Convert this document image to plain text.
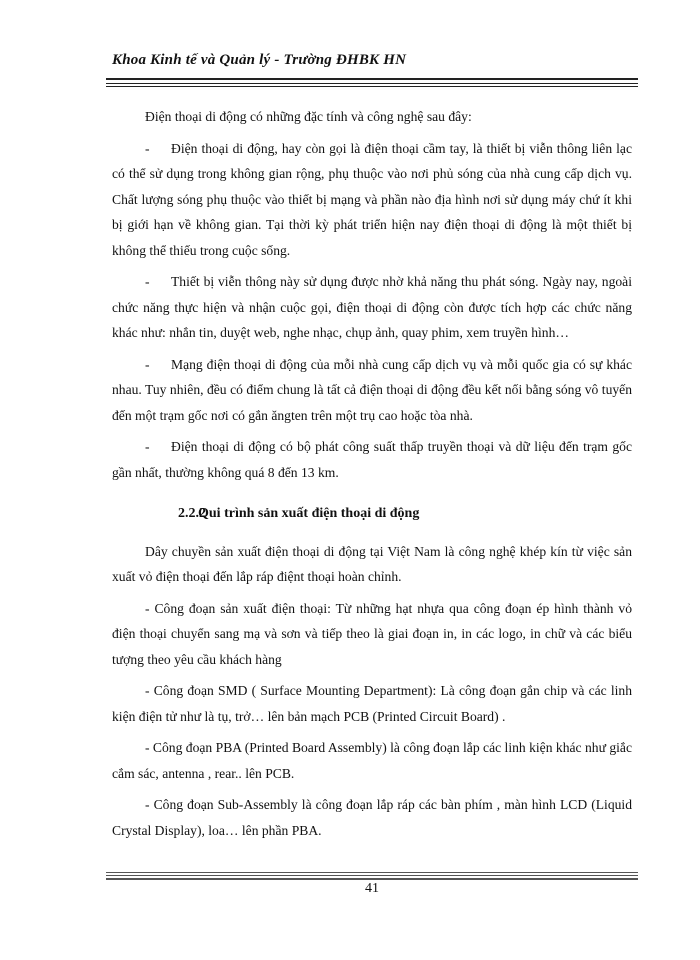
Khoa Kinh tế và Quản lý - Trường ĐHBK HN

Điện thoại di động có những đặc tính và công nghệ sau đây:

- Điện thoại di động, hay còn gọi là điện thoại cầm tay, là thiết bị viễn thông liên lạc có thể sử dụng trong không gian rộng, phụ thuộc vào nơi phủ sóng của nhà cung cấp dịch vụ. Chất lượng sóng phụ thuộc vào thiết bị mạng và phần nào địa hình nơi sử dụng máy chứ ít khi bị giới hạn về không gian. Tại thời kỳ phát triển hiện nay điện thoại di động là một thiết bị không thể thiếu trong cuộc sống.

- Thiết bị viễn thông này sử dụng được nhờ khả năng thu phát sóng. Ngày nay, ngoài chức năng thực hiện và nhận cuộc gọi, điện thoại di động còn được tích hợp các chức năng khác như: nhắn tin, duyệt web, nghe nhạc, chụp ảnh, quay phim, xem truyền hình…

- Mạng điện thoại di động của mỗi nhà cung cấp dịch vụ và mỗi quốc gia có sự khác nhau. Tuy nhiên, đều có điểm chung là tất cả điện thoại di động đều kết nối bằng sóng vô tuyến đến một trạm gốc nơi có gắn ăngten trên một trụ cao hoặc tòa nhà.

- Điện thoại di động có bộ phát công suất thấp truyền thoại và dữ liệu đến trạm gốc gần nhất, thường không quá 8 đến 13 km.

2.2.2Qui trình sản xuất điện thoại di động

Dây chuyền sản xuất điện thoại di động tại Việt Nam là công nghệ khép kín từ việc sản xuất vỏ điện thoại đến lắp ráp điệnt thoại hoàn chỉnh.

- Công đoạn sản xuất điện thoại: Từ những hạt nhựa qua công đoạn ép hình thành vỏ điện thoại chuyển sang mạ và sơn và tiếp theo là giai đoạn in, in các logo, in chữ và các biểu tượng theo yêu cầu khách hàng

- Công đoạn SMD ( Surface Mounting Department): Là công đoạn gắn chip và các linh kiện điện tử như là tụ, trở… lên bản mạch PCB (Printed Circuit Board) .

- Công đoạn PBA (Printed Board Assembly) là công đoạn lắp các linh kiện khác như giắc cắm sác, antenna , rear.. lên PCB.

- Công đoạn Sub-Assembly là công đoạn lắp ráp các bàn phím , màn hình LCD (Liquid Crystal Display), loa… lên phần PBA.

41
